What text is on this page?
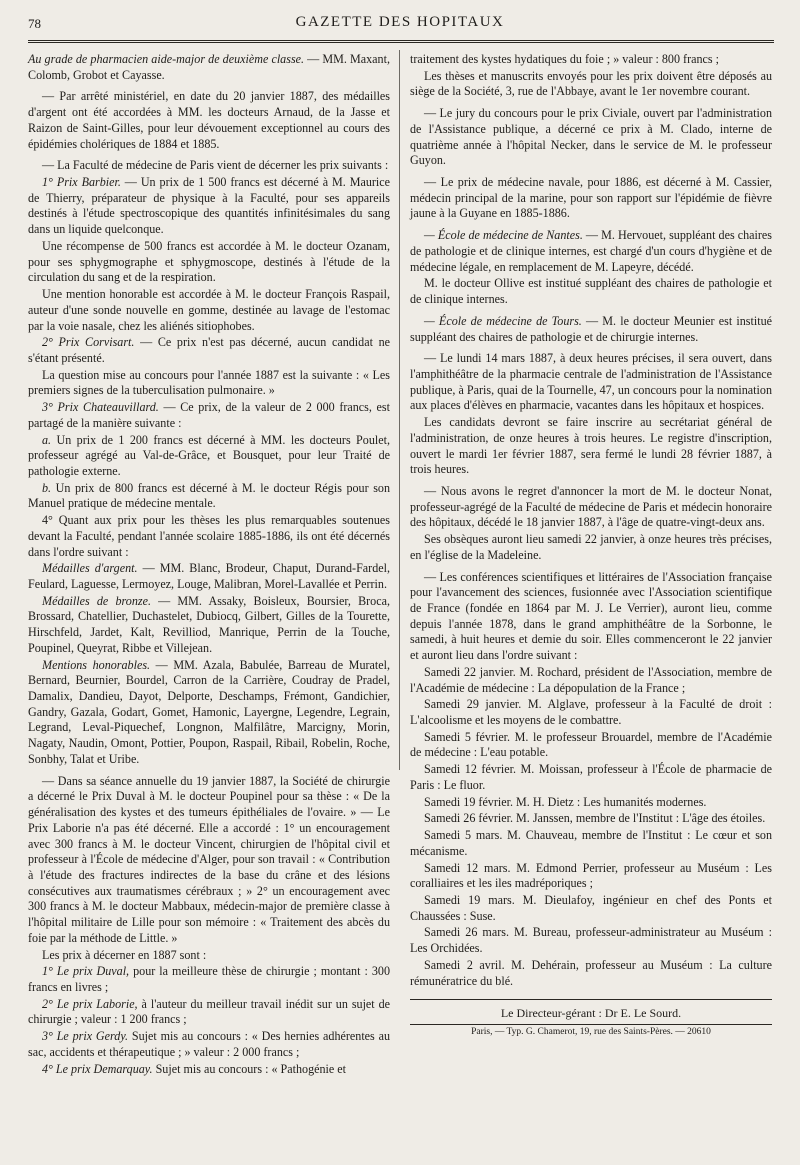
78	GAZETTE DES HOPITAUX

Au grade de pharmacien aide-major de deuxième classe. — MM. Maxant, Colomb, Grobot et Cayasse.

— Par arrêté ministériel, en date du 20 janvier 1887, des médailles d'argent ont été accordées à MM. les docteurs Arnaud, de la Jasse et Raizon de Saint-Gilles, pour leur dévouement exceptionnel au cours des épidémies cholériques de 1884 et 1885.

— La Faculté de médecine de Paris vient de décerner les prix suivants :

1° Prix Barbier. — Un prix de 1 500 francs est décerné à M. Maurice de Thierry, préparateur de physique à la Faculté, pour ses appareils destinés à l'étude spectroscopique des quantités infinitésimales du sang dans un liquide quelconque.

Une récompense de 500 francs est accordée à M. le docteur Ozanam, pour ses sphygmographe et sphygmoscope, destinés à l'étude de la circulation du sang et de la respiration.

Une mention honorable est accordée à M. le docteur François Raspail, auteur d'une sonde nouvelle en gomme, destinée au lavage de l'estomac par la voie nasale, chez les aliénés sitiophobes.

2° Prix Corvisart. — Ce prix n'est pas décerné, aucun candidat ne s'étant présenté.

La question mise au concours pour l'année 1887 est la suivante : « Les premiers signes de la tuberculisation pulmonaire. »

3° Prix Chateauvillard. — Ce prix, de la valeur de 2 000 francs, est partagé de la manière suivante :

a. Un prix de 1 200 francs est décerné à MM. les docteurs Poulet, professeur agrégé au Val-de-Grâce, et Bousquet, pour leur Traité de pathologie externe.

b. Un prix de 800 francs est décerné à M. le docteur Régis pour son Manuel pratique de médecine mentale.

4° Quant aux prix pour les thèses les plus remarquables soutenues devant la Faculté, pendant l'année scolaire 1885-1886, ils ont été décernés dans l'ordre suivant :

Médailles d'argent. — MM. Blanc, Brodeur, Chaput, Durand-Fardel, Feulard, Laguesse, Lermoyez, Louge, Malibran, Morel-Lavallée et Perrin.

Médailles de bronze. — MM. Assaky, Boisleux, Boursier, Broca, Brossard, Chatellier, Duchastelet, Dubiocq, Gilbert, Gilles de la Tourette, Hirschfeld, Jardet, Kalt, Revilliod, Manrique, Perrin de la Touche, Poupinel, Queyrat, Ribbe et Villejean.

Mentions honorables. — MM. Azala, Babulée, Barreau de Muratel, Bernard, Beurnier, Bourdel, Carron de la Carrière, Coudray de Pradel, Damalix, Dandieu, Dayot, Delporte, Deschamps, Frémont, Gandichier, Gandry, Gazala, Godart, Gomet, Hamonic, Layergne, Legendre, Legrain, Legrand, Leval-Piquechef, Longnon, Malfilâtre, Marcigny, Morin, Nagaty, Naudin, Omont, Pottier, Poupon, Raspail, Ribail, Robelin, Roche, Sonbhy, Talat et Uribe.

— Dans sa séance annuelle du 19 janvier 1887, la Société de chirurgie a décerné le Prix Duval à M. le docteur Poupinel pour sa thèse : « De la généralisation des kystes et des tumeurs épithéliales de l'ovaire. » — Le Prix Laborie n'a pas été décerné. Elle a accordé : 1° un encouragement avec 300 francs à M. le docteur Vincent, chirurgien de l'hôpital civil et professeur à l'École de médecine d'Alger, pour son travail : « Contribution à l'étude des fractures indirectes de la base du crâne et des lésions consécutives aux traumatismes cérébraux ; » 2° un encouragement avec 300 francs à M. le docteur Mabbaux, médecin-major de première classe à l'hôpital militaire de Lille pour son mémoire : « Traitement des abcès du foie par la méthode de Little. »

Les prix à décerner en 1887 sont :

1° Le prix Duval, pour la meilleure thèse de chirurgie ; montant : 300 francs en livres ;

2° Le prix Laborie, à l'auteur du meilleur travail inédit sur un sujet de chirurgie ; valeur : 1 200 francs ;

3° Le prix Gerdy. Sujet mis au concours : « Des hernies adhérentes au sac, accidents et thérapeutique ; » valeur : 2 000 francs ;

4° Le prix Demarquay. Sujet mis au concours : « Pathogénie et

traitement des kystes hydatiques du foie ; » valeur : 800 francs ;

Les thèses et manuscrits envoyés pour les prix doivent être déposés au siège de la Société, 3, rue de l'Abbaye, avant le 1er novembre courant.

— Le jury du concours pour le prix Civiale, ouvert par l'administration de l'Assistance publique, a décerné ce prix à M. Clado, interne de quatrième année à l'hôpital Necker, dans le service de M. le professeur Guyon.

— Le prix de médecine navale, pour 1886, est décerné à M. Cassier, médecin principal de la marine, pour son rapport sur l'épidémie de fièvre jaune à la Guyane en 1885-1886.

— École de médecine de Nantes. — M. Hervouet, suppléant des chaires de pathologie et de clinique internes, est chargé d'un cours d'hygiène et de médecine légale, en remplacement de M. Lapeyre, décédé.

M. le docteur Ollive est institué suppléant des chaires de pathologie et de clinique internes.

— École de médecine de Tours. — M. le docteur Meunier est institué suppléant des chaires de pathologie et de chirurgie internes.

— Le lundi 14 mars 1887, à deux heures précises, il sera ouvert, dans l'amphithéâtre de la pharmacie centrale de l'administration de l'Assistance publique, à Paris, quai de la Tournelle, 47, un concours pour la nomination aux places d'élèves en pharmacie, vacantes dans les hôpitaux et hospices.

Les candidats devront se faire inscrire au secrétariat général de l'administration, de onze heures à trois heures. Le registre d'inscription, ouvert le mardi 1er février 1887, sera fermé le lundi 28 février 1887, à trois heures.

— Nous avons le regret d'annoncer la mort de M. le docteur Nonat, professeur-agrégé de la Faculté de médecine de Paris et médecin honoraire des hôpitaux, décédé le 18 janvier 1887, à l'âge de quatre-vingt-deux ans.

Ses obsèques auront lieu samedi 22 janvier, à onze heures très précises, en l'église de la Madeleine.

— Les conférences scientifiques et littéraires de l'Association française pour l'avancement des sciences, fusionnée avec l'Association scientifique de France (fondée en 1864 par M. J. Le Verrier), auront lieu, comme depuis l'année 1878, dans le grand amphithéâtre de la Sorbonne, le samedi, à huit heures et demie du soir. Elles commenceront le 22 janvier et auront lieu dans l'ordre suivant :

Samedi 22 janvier. M. Rochard, président de l'Association, membre de l'Académie de médecine : La dépopulation de la France ;

Samedi 29 janvier. M. Alglave, professeur à la Faculté de droit : L'alcoolisme et les moyens de le combattre.

Samedi 5 février. M. le professeur Brouardel, membre de l'Académie de médecine : L'eau potable.

Samedi 12 février. M. Moissan, professeur à l'École de pharmacie de Paris : Le fluor.

Samedi 19 février. M. H. Dietz : Les humanités modernes.

Samedi 26 février. M. Janssen, membre de l'Institut : L'âge des étoiles.

Samedi 5 mars. M. Chauveau, membre de l'Institut : Le cœur et son mécanisme.

Samedi 12 mars. M. Edmond Perrier, professeur au Muséum : Les coralliaires et les iles madréporiques ;

Samedi 19 mars. M. Dieulafoy, ingénieur en chef des Ponts et Chaussées : Suse.

Samedi 26 mars. M. Bureau, professeur-administrateur au Muséum : Les Orchidées.

Samedi 2 avril. M. Dehérain, professeur au Muséum : La culture rémunératrice du blé.

Le Directeur-gérant : Dr E. Le Sourd.
Paris, — Typ. G. Chamerot, 19, rue des Saints-Pères. — 20610
